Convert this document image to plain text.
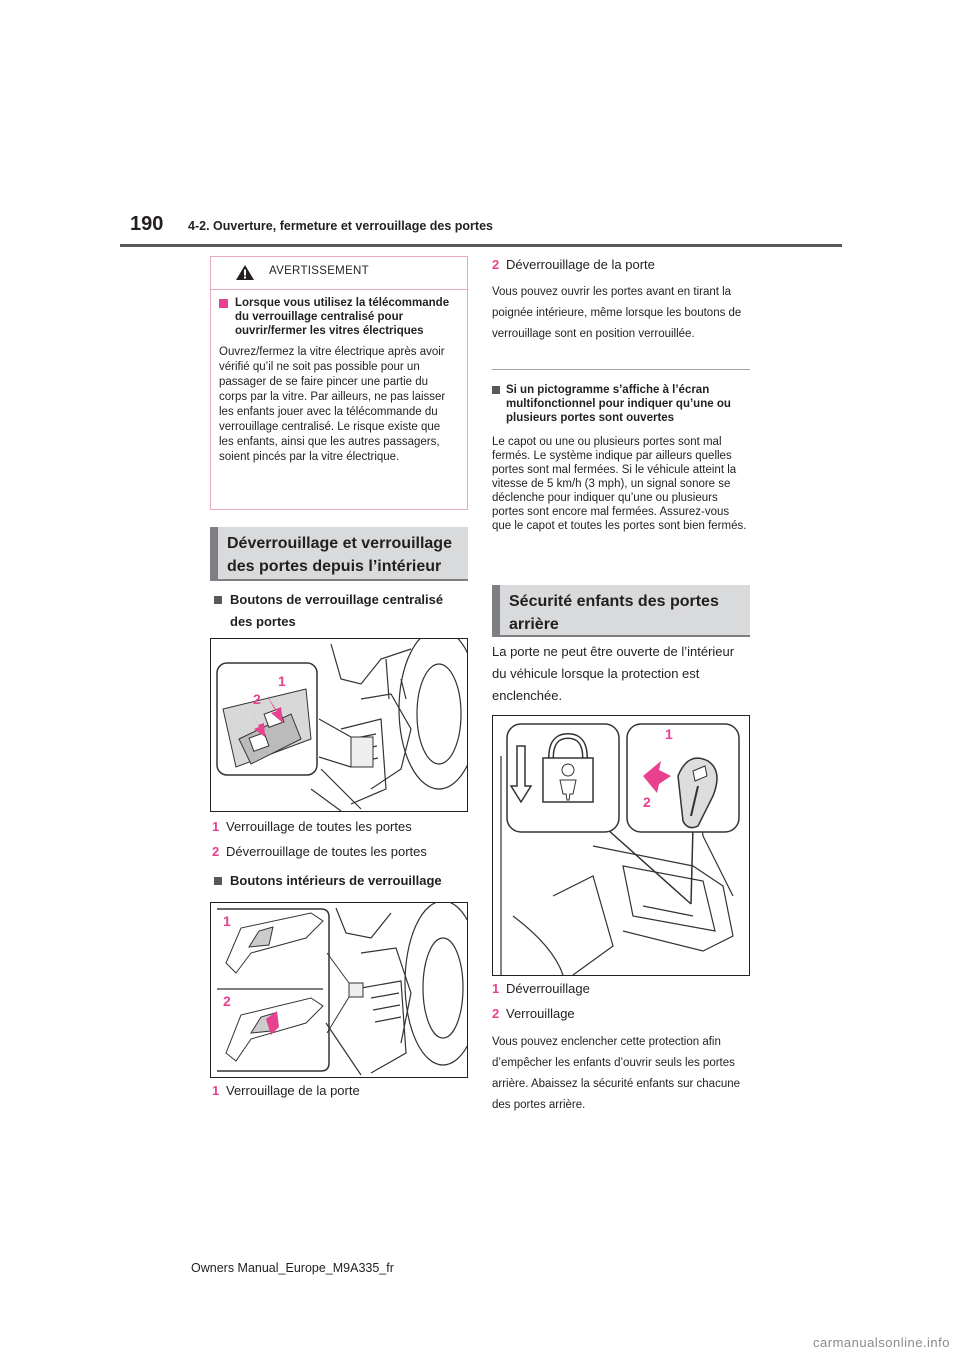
190 4-2. Ouverture, fermeture et verrouillage des portes
AVERTISSEMENT
Lorsque vous utilisez la télécommande du verrouillage centralisé pour ouvrir/fermer les vitres électriques
Ouvrez/fermez la vitre électrique après avoir vérifié qu’il ne soit pas possible pour un passager de se faire pincer une partie du corps par la vitre. Par ailleurs, ne pas laisser les enfants jouer avec la télécommande du verrouillage centralisé. Le risque existe que les enfants, ainsi que les autres passagers, soient pincés par la vitre électrique.
Déverrouillage et verrouillage des portes depuis l’intérieur
Boutons de verrouillage centralisé des portes
1
2
1 Verrouillage de toutes les portes
2 Déverrouillage de toutes les portes
Boutons intérieurs de verrouillage
1
2
1 Verrouillage de la porte
2 Déverrouillage de la porte
Vous pouvez ouvrir les portes avant en tirant la poignée intérieure, même lorsque les boutons de verrouillage sont en position verrouillée.
Si un pictogramme s’affiche à l’écran multifonctionnel pour indiquer qu’une ou plusieurs portes sont ouvertes
Le capot ou une ou plusieurs portes sont mal fermés. Le système indique par ailleurs quelles portes sont mal fermées. Si le véhicule atteint la vitesse de 5 km/h (3 mph), un signal sonore se déclenche pour indiquer qu’une ou plusieurs portes sont encore mal fermées. Assurez-vous que le capot et toutes les portes sont bien fermés.
Sécurité enfants des portes arrière
La porte ne peut être ouverte de l’intérieur du véhicule lorsque la protection est enclenchée.
1
2
1 Déverrouillage
2 Verrouillage
Vous pouvez enclencher cette protection afin d’empêcher les enfants d’ouvrir seuls les portes arrière. Abaissez la sécurité enfants sur chacune des portes arrière.
Owners Manual_Europe_M9A335_fr
carmanualsonline.info
